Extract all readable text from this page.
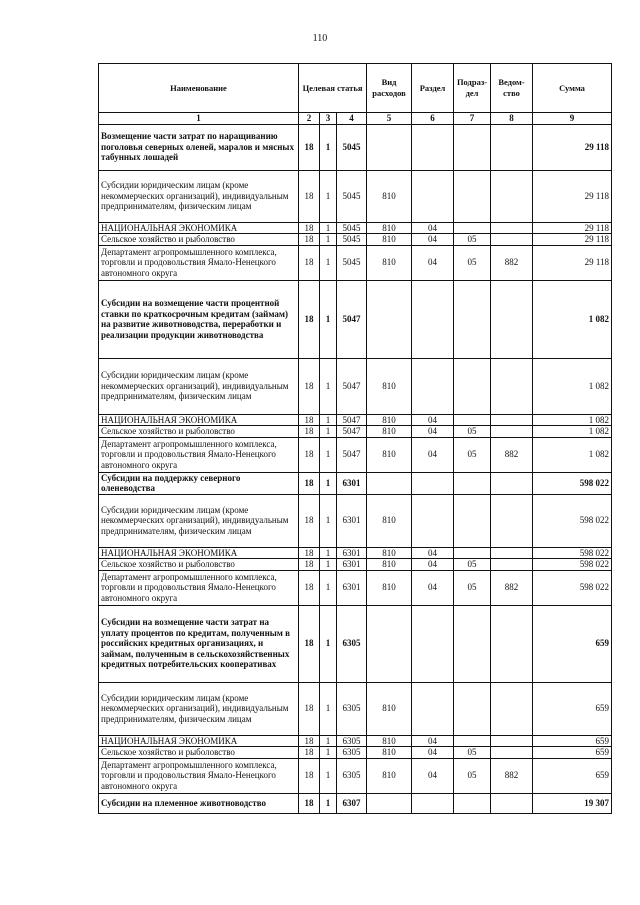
110
Наименование	Целевая статья			Вид расходов	Раздел	Подраз- дел	Ведом- ство	Сумма
1	2	3	4	5	6	7	8	9
Возмещение части затрат по наращиванию поголовья северных оленей, маралов и мясных табунных лошадей	18	1	5045					29 118
Субсидии юридическим лицам (кроме некоммерческих организаций), индивидуальным предпринимателям, физическим лицам	18	1	5045	810				29 118
НАЦИОНАЛЬНАЯ ЭКОНОМИКА	18	1	5045	810	04			29 118
Сельское хозяйство и рыболовство	18	1	5045	810	04	05		29 118
Департамент агропромышленного комплекса, торговли и продовольствия Ямало-Ненецкого автономного округа	18	1	5045	810	04	05	882	29 118
Субсидии на возмещение части процентной ставки по краткосрочным кредитам (займам) на развитие животноводства, переработки и реализации продукции животноводства	18	1	5047					1 082
Субсидии юридическим лицам (кроме некоммерческих организаций), индивидуальным предпринимателям, физическим лицам	18	1	5047	810				1 082
НАЦИОНАЛЬНАЯ ЭКОНОМИКА	18	1	5047	810	04			1 082
Сельское хозяйство и рыболовство	18	1	5047	810	04	05		1 082
Департамент агропромышленного комплекса, торговли и продовольствия Ямало-Ненецкого автономного округа	18	1	5047	810	04	05	882	1 082
Субсидии на поддержку северного оленеводства	18	1	6301					598 022
Субсидии юридическим лицам (кроме некоммерческих организаций), индивидуальным предпринимателям, физическим лицам	18	1	6301	810				598 022
НАЦИОНАЛЬНАЯ ЭКОНОМИКА	18	1	6301	810	04			598 022
Сельское хозяйство и рыболовство	18	1	6301	810	04	05		598 022
Департамент агропромышленного комплекса, торговли и продовольствия Ямало-Ненецкого автономного округа	18	1	6301	810	04	05	882	598 022
Субсидии на возмещение части затрат на уплату процентов по кредитам, полученным в российских кредитных организациях, и займам, полученным в сельскохозяйственных кредитных потребительских кооперативах	18	1	6305					659
Субсидии юридическим лицам (кроме некоммерческих организаций), индивидуальным предпринимателям, физическим лицам	18	1	6305	810				659
НАЦИОНАЛЬНАЯ ЭКОНОМИКА	18	1	6305	810	04			659
Сельское хозяйство и рыболовство	18	1	6305	810	04	05		659
Департамент агропромышленного комплекса, торговли и продовольствия Ямало-Ненецкого автономного округа	18	1	6305	810	04	05	882	659
Субсидии на племенное животноводство	18	1	6307					19 307
